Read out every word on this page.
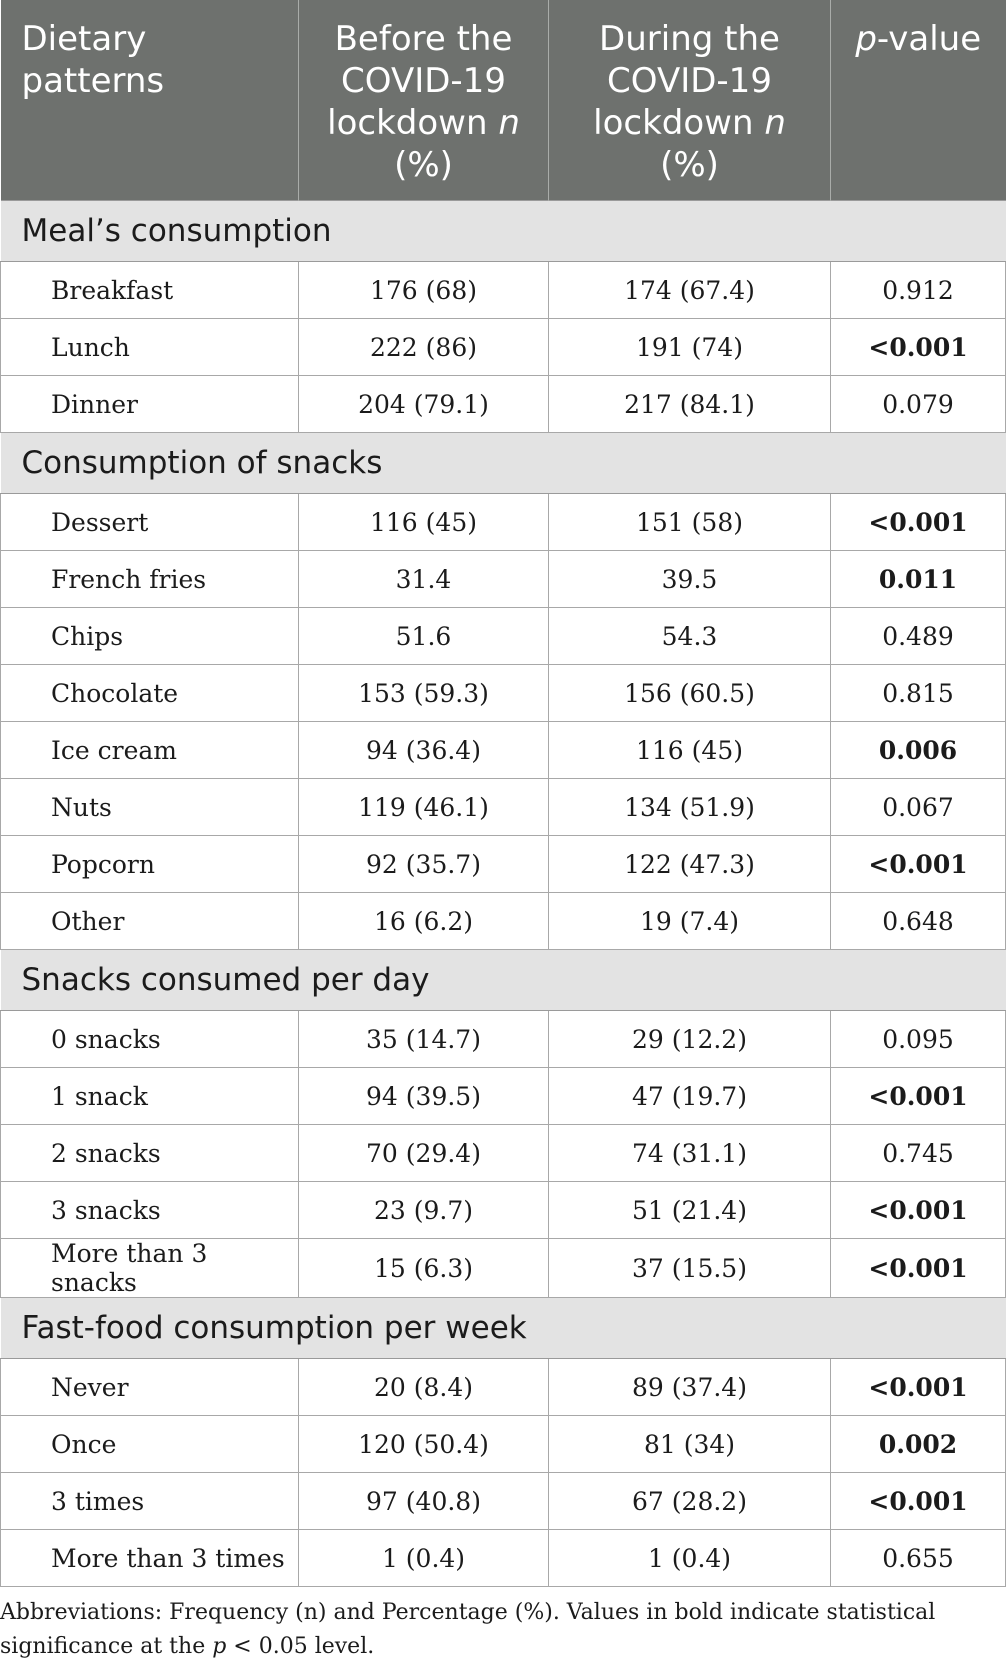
Dietary patterns	Before the COVID-19 lockdown n (%)	During the COVID-19 lockdown n (%)	p-value
Meal’s consumption			
Breakfast	176 (68)	174 (67.4)	0.912
Lunch	222 (86)	191 (74)	<0.001
Dinner	204 (79.1)	217 (84.1)	0.079
Consumption of snacks			
Dessert	116 (45)	151 (58)	<0.001
French fries	31.4	39.5	0.011
Chips	51.6	54.3	0.489
Chocolate	153 (59.3)	156 (60.5)	0.815
Ice cream	94 (36.4)	116 (45)	0.006
Nuts	119 (46.1)	134 (51.9)	0.067
Popcorn	92 (35.7)	122 (47.3)	<0.001
Other	16 (6.2)	19 (7.4)	0.648
Snacks consumed per day			
0 snacks	35 (14.7)	29 (12.2)	0.095
1 snack	94 (39.5)	47 (19.7)	<0.001
2 snacks	70 (29.4)	74 (31.1)	0.745
3 snacks	23 (9.7)	51 (21.4)	<0.001
More than 3 snacks	15 (6.3)	37 (15.5)	<0.001
Fast-food consumption per week			
Never	20 (8.4)	89 (37.4)	<0.001
Once	120 (50.4)	81 (34)	0.002
3 times	97 (40.8)	67 (28.2)	<0.001
More than 3 times	1 (0.4)	1 (0.4)	0.655
Abbreviations: Frequency (n) and Percentage (%). Values in bold indicate statistical significance at the p < 0.05 level.
